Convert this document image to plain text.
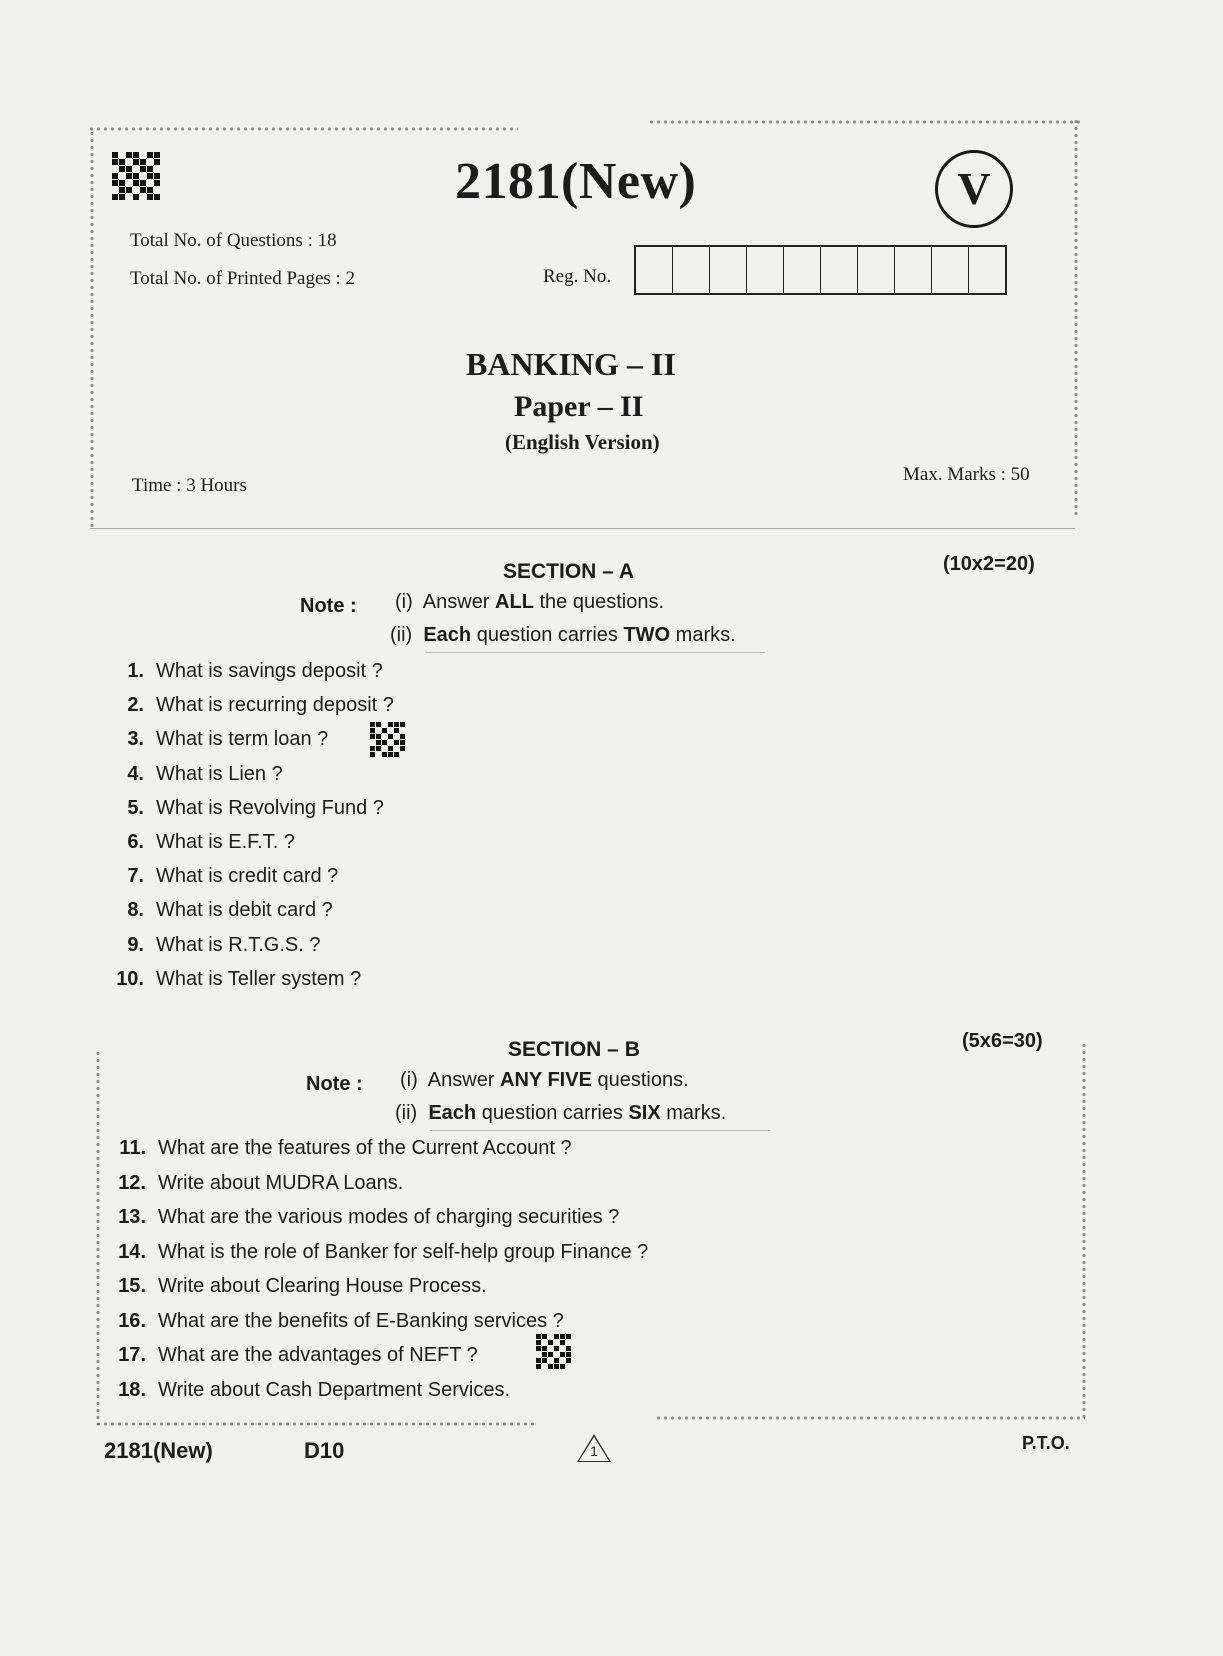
2181(New)	V
Total No. of Questions : 18
Total No. of Printed Pages : 2	Reg. No.
BANKING – II
Paper – II
(English Version)
Time : 3 Hours
Max. Marks : 50
SECTION – A	(10x2=20)
Note : (i) Answer ALL the questions.
(ii) Each question carries TWO marks.
1. What is savings deposit ?
2. What is recurring deposit ?
3. What is term loan ?
4. What is Lien ?
5. What is Revolving Fund ?
6. What is E.F.T. ?
7. What is credit card ?
8. What is debit card ?
9. What is R.T.G.S. ?
10. What is Teller system ?
SECTION – B	(5x6=30)
Note : (i) Answer ANY FIVE questions.
(ii) Each question carries SIX marks.
11. What are the features of the Current Account ?
12. Write about MUDRA Loans.
13. What are the various modes of charging securities ?
14. What is the role of Banker for self-help group Finance ?
15. Write about Clearing House Process.
16. What are the benefits of E-Banking services ?
17. What are the advantages of NEFT ?
18. Write about Cash Department Services.
2181(New)	D10	1	P.T.O.
